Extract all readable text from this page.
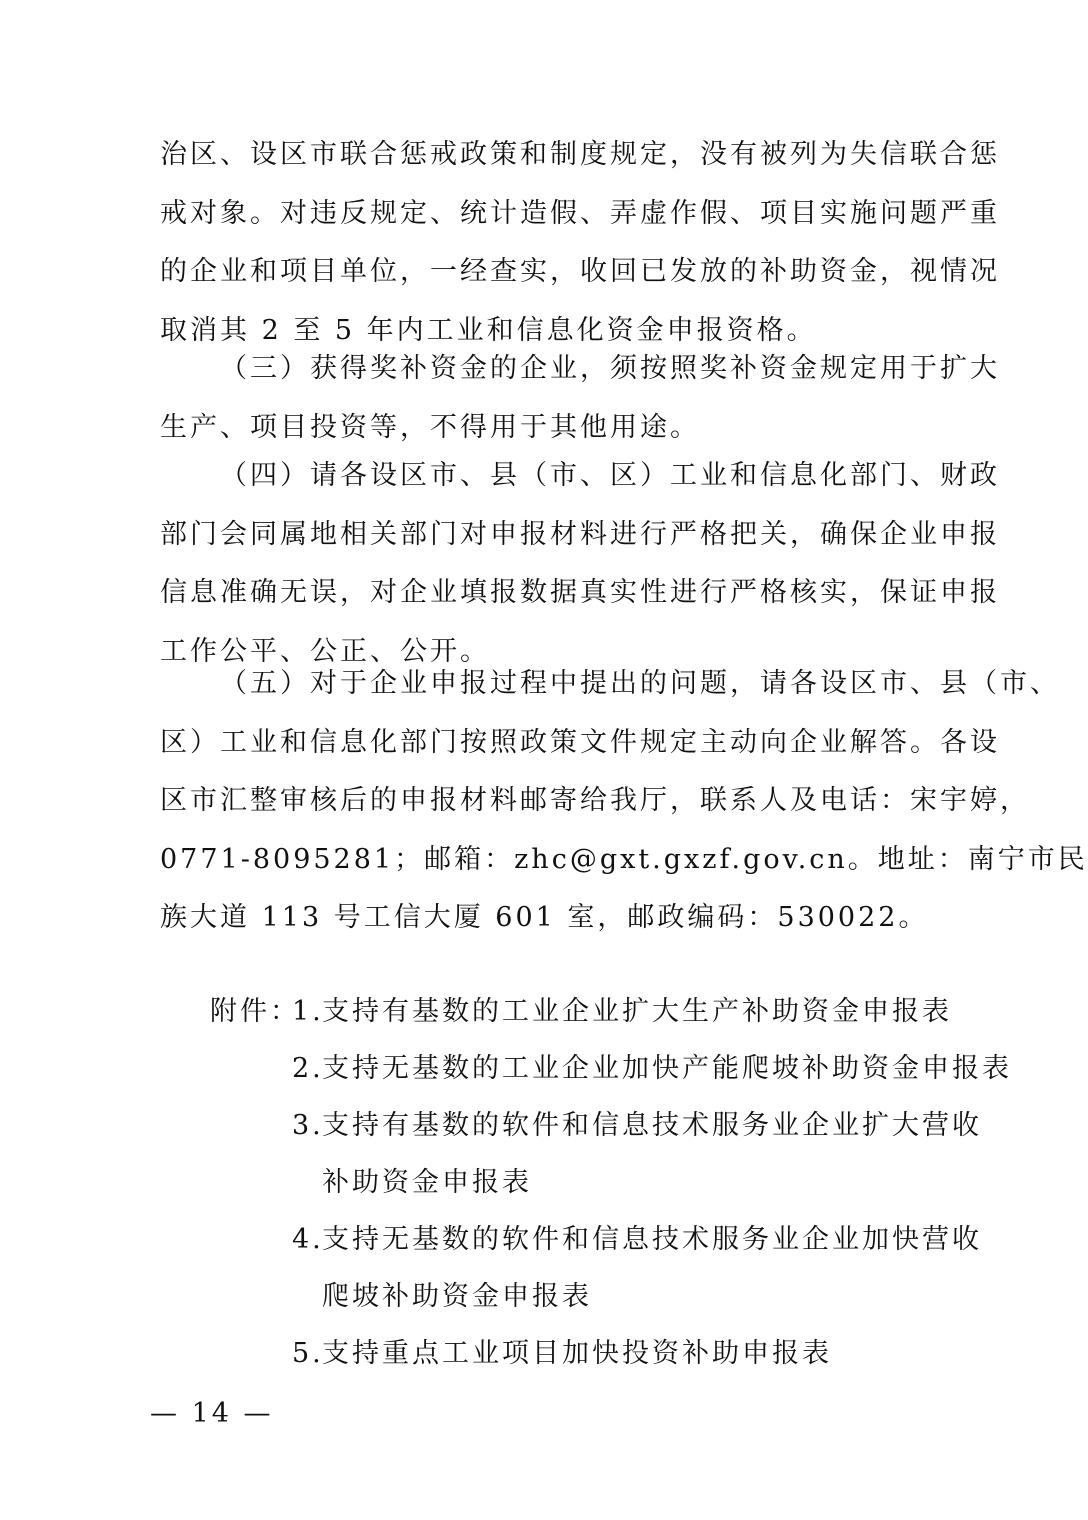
治区、设区市联合惩戒政策和制度规定，没有被列为失信联合惩
戒对象。对违反规定、统计造假、弄虚作假、项目实施问题严重
的企业和项目单位，一经查实，收回已发放的补助资金，视情况
取消其 2 至 5 年内工业和信息化资金申报资格。
（三）获得奖补资金的企业，须按照奖补资金规定用于扩大
生产、项目投资等，不得用于其他用途。
（四）请各设区市、县（市、区）工业和信息化部门、财政
部门会同属地相关部门对申报材料进行严格把关，确保企业申报
信息准确无误，对企业填报数据真实性进行严格核实，保证申报
工作公平、公正、公开。
（五）对于企业申报过程中提出的问题，请各设区市、县（市、
区）工业和信息化部门按照政策文件规定主动向企业解答。各设
区市汇整审核后的申报材料邮寄给我厅，联系人及电话：宋宇婷，
0771-8095281；邮箱：zhc@gxt.gxzf.gov.cn。地址：南宁市民
族大道 113 号工信大厦 601 室，邮政编码：530022。
附件：
1.
支持有基数的工业企业扩大生产补助资金申报表
2.
支持无基数的工业企业加快产能爬坡补助资金申报表
3.
支持有基数的软件和信息技术服务业企业扩大营收
补助资金申报表
4.
支持无基数的软件和信息技术服务业企业加快营收
爬坡补助资金申报表
5.
支持重点工业项目加快投资补助申报表
— 14 —
